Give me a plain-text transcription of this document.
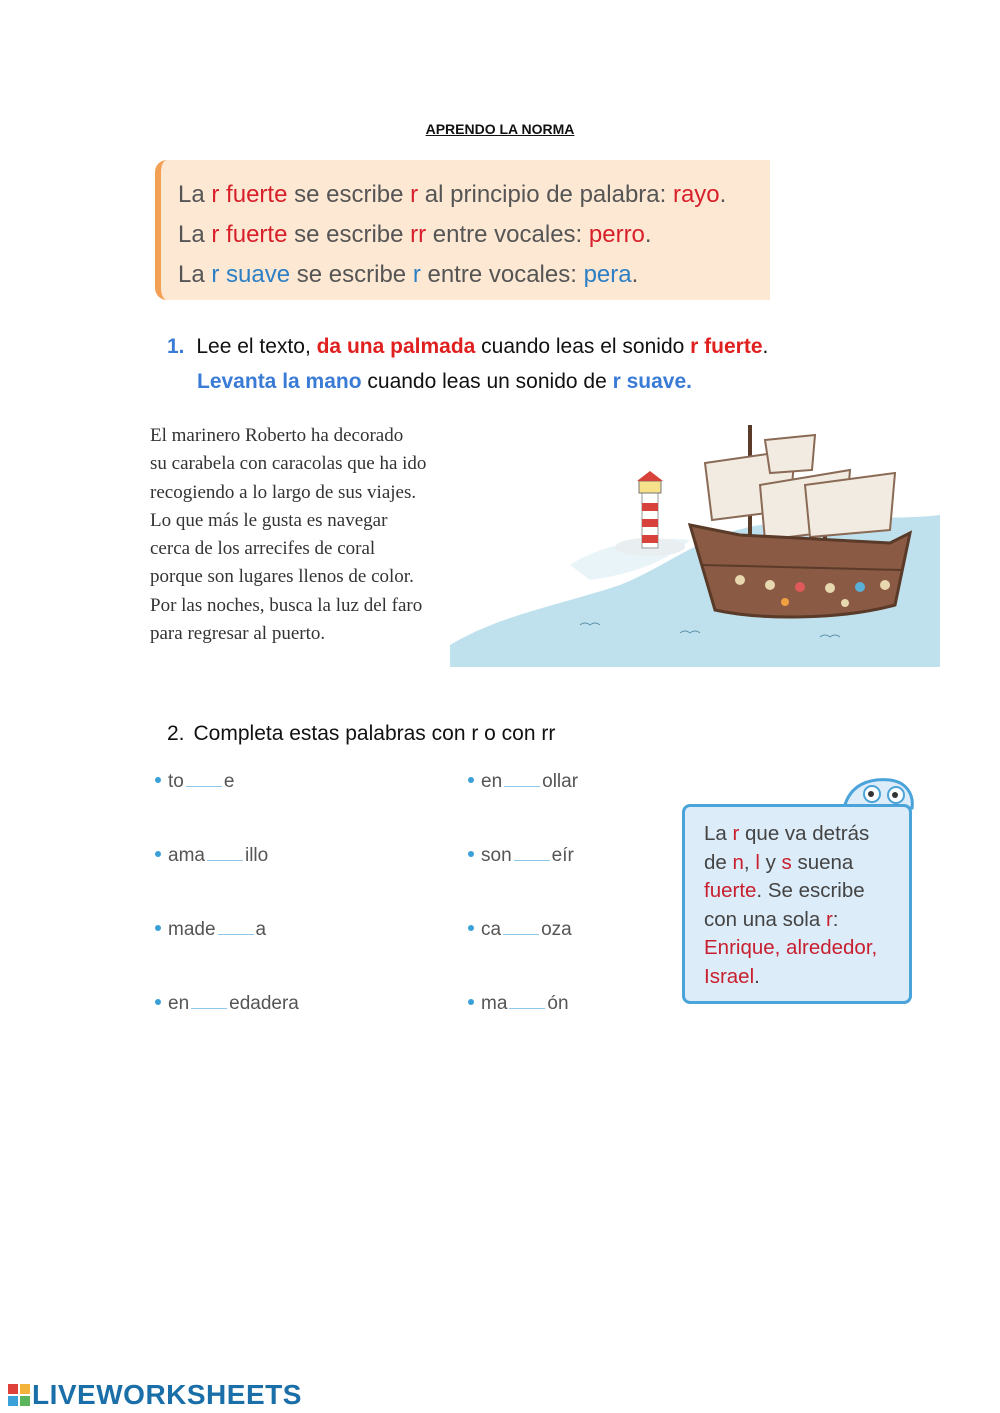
APRENDO LA NORMA
La r fuerte se escribe r al principio de palabra: rayo.
La r fuerte se escribe rr entre vocales: perro.
La r suave se escribe r entre vocales: pera.
1. Lee el texto, da una palmada cuando leas el sonido r fuerte.
Levanta la mano cuando leas un sonido de r suave.
El marinero Roberto ha decorado
su carabela con caracolas que ha ido
recogiendo a lo largo de sus viajes.
Lo que más le gusta es navegar
cerca de los arrecifes de coral
porque son lugares llenos de color.
Por las noches, busca la luz del faro
para regresar al puerto.
2. Completa estas palabras con r o con rr
to e
ama illo
made a
en edadera
en ollar
son eír
ca oza
ma ón
La r que va detrás
de n, l y s suena
fuerte. Se escribe
con una sola r:
Enrique, alrededor,
Israel.
LIVEWORKSHEETS
